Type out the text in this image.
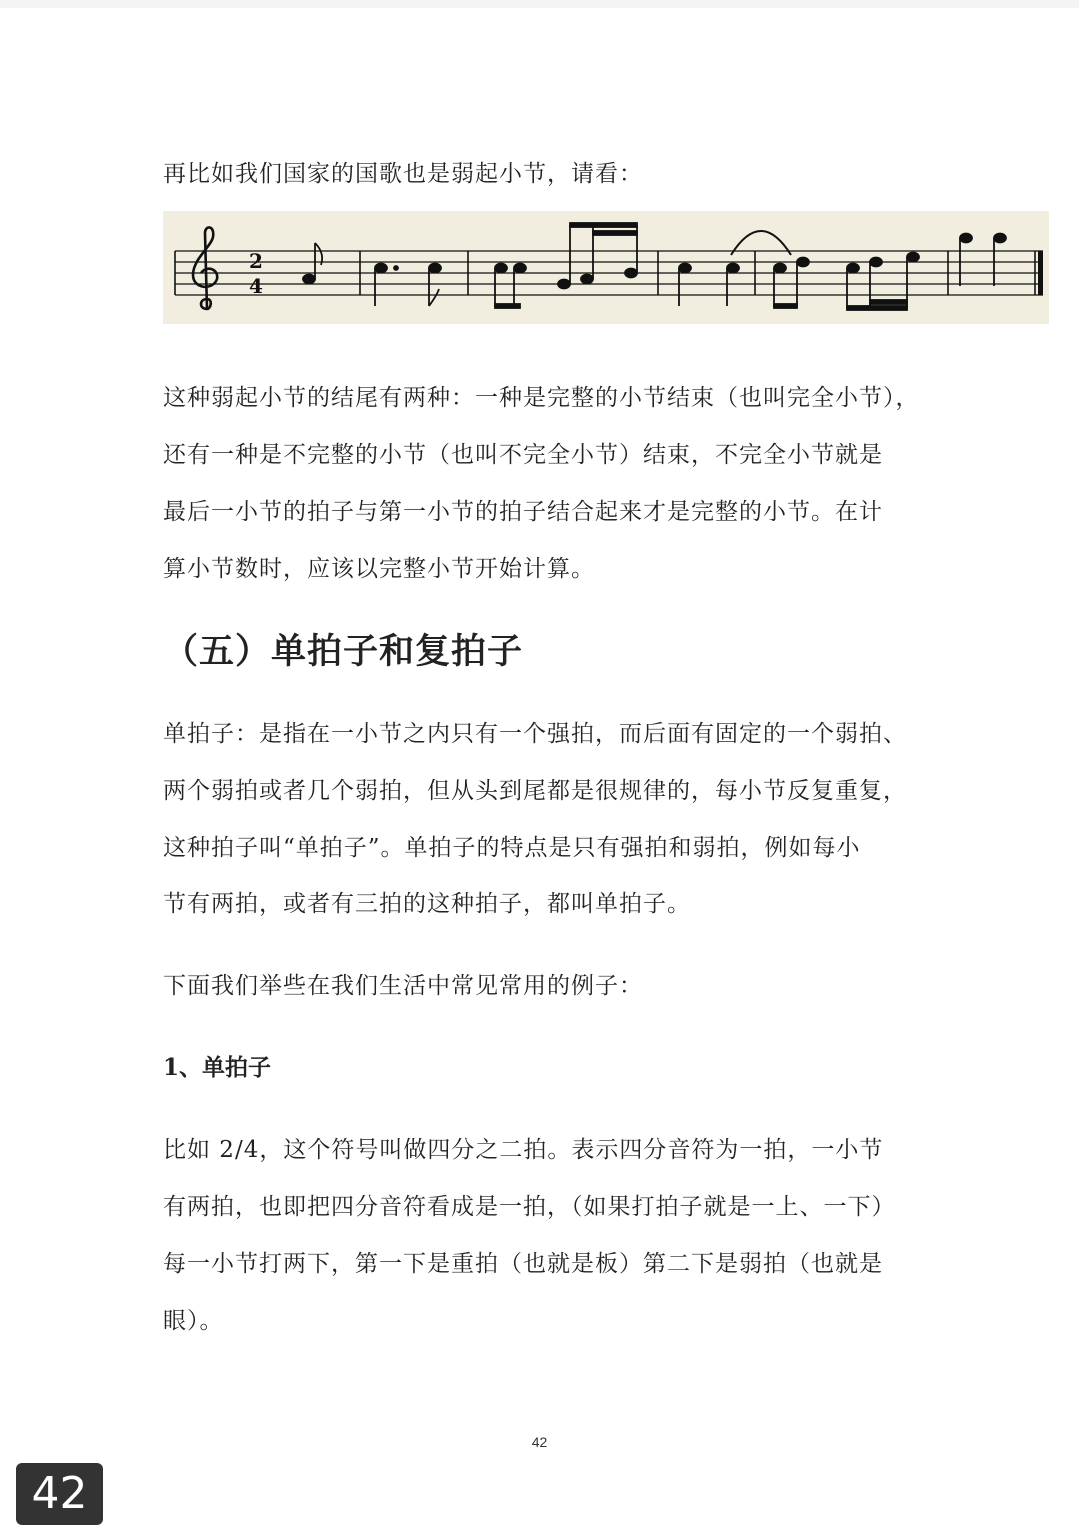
再比如我们国家的国歌也是弱起小节，请看：

2
4

这种弱起小节的结尾有两种：一种是完整的小节结束（也叫完全小节），

还有一种是不完整的小节（也叫不完全小节）结束，不完全小节就是

最后一小节的拍子与第一小节的拍子结合起来才是完整的小节。在计

算小节数时，应该以完整小节开始计算。

（五）单拍子和复拍子

单拍子：是指在一小节之内只有一个强拍，而后面有固定的一个弱拍、

两个弱拍或者几个弱拍，但从头到尾都是很规律的，每小节反复重复，

这种拍子叫“单拍子”。单拍子的特点是只有强拍和弱拍，例如每小

节有两拍，或者有三拍的这种拍子，都叫单拍子。

下面我们举些在我们生活中常见常用的例子：

1、单拍子

比如 2/4，这个符号叫做四分之二拍。表示四分音符为一拍，一小节

有两拍，也即把四分音符看成是一拍，（如果打拍子就是一上、一下）

每一小节打两下，第一下是重拍（也就是板）第二下是弱拍（也就是

眼）。

42
42
